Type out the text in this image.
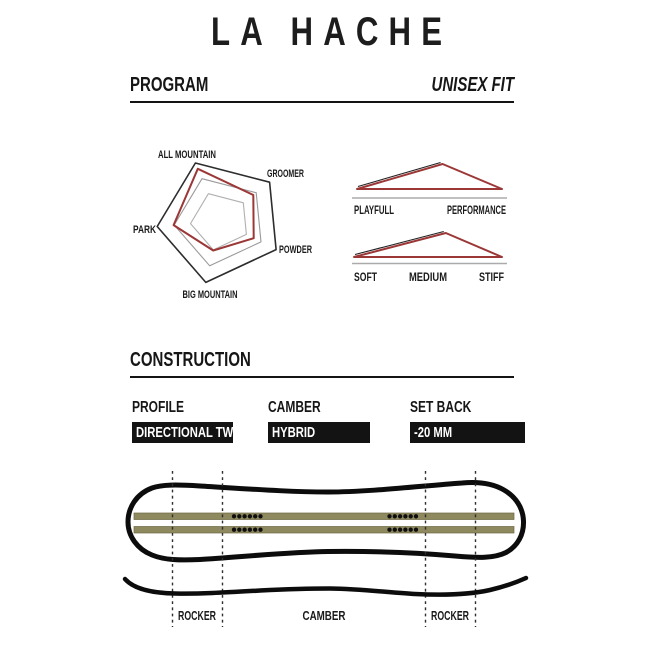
LA HACHE
PROGRAM	UNISEX FIT
ALL MOUNTAIN
GROOMER
POWDER
BIG MOUNTAIN
PARK
PLAYFULL	PERFORMANCE
SOFT	MEDIUM	STIFF
CONSTRUCTION
PROFILE
DIRECTIONAL TWIN
CAMBER
HYBRID
SET BACK
-20 MM
ROCKER	CAMBER	ROCKER
